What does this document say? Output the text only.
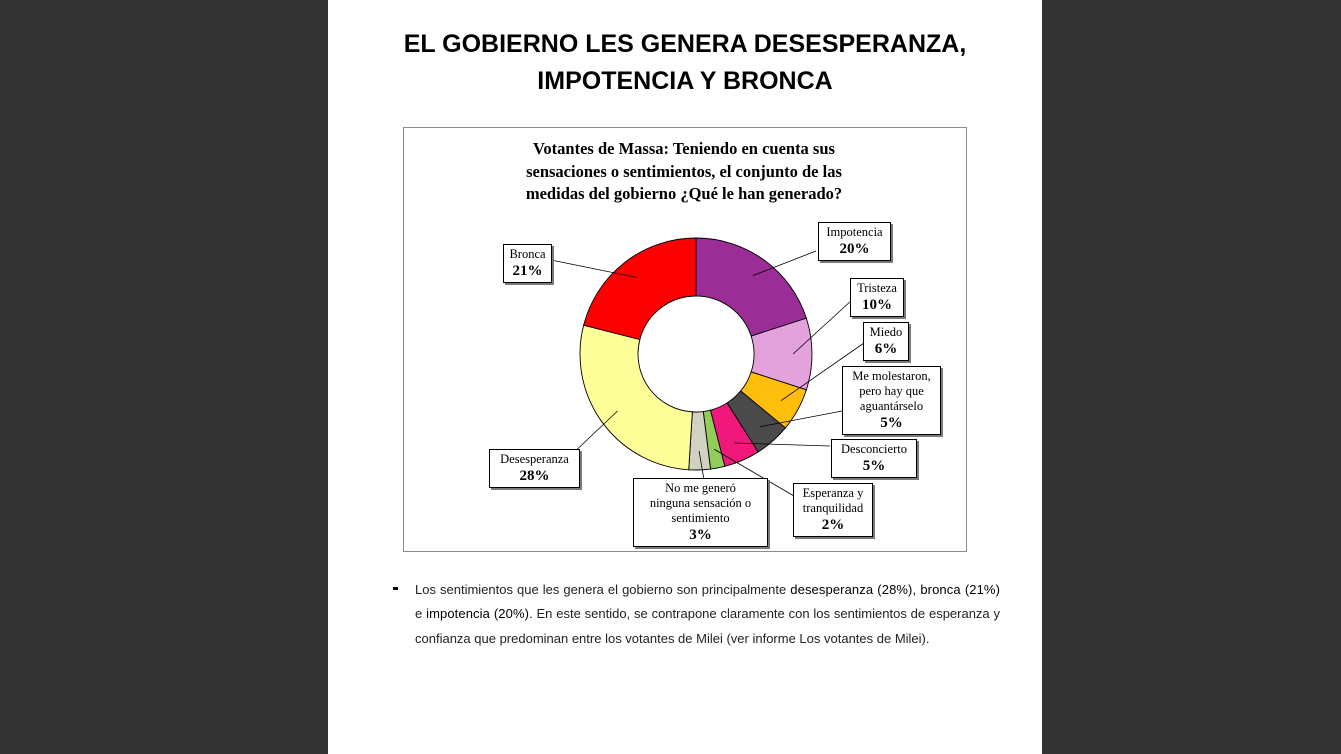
EL GOBIERNO LES GENERA DESESPERANZA,
IMPOTENCIA Y BRONCA
Votantes de Massa: Teniendo en cuenta sus
sensaciones o sentimientos, el conjunto de las
medidas del gobierno ¿Qué le han generado?
Impotencia
20%
Tristeza
10%
Miedo
6%
Me molestaron,
pero hay que
aguantárselo
5%
Desconcierto
5%
Esperanza y
tranquilidad
2%
No me generó
ninguna sensación o
sentimiento
3%
Desesperanza
28%
Bronca
21%
Los sentimientos que les genera el gobierno son principalmente desesperanza (28%), bronca (21%) e impotencia (20%). En este sentido, se contrapone claramente con los sentimientos de esperanza y confianza que predominan entre los votantes de Milei (ver informe Los votantes de Milei).
